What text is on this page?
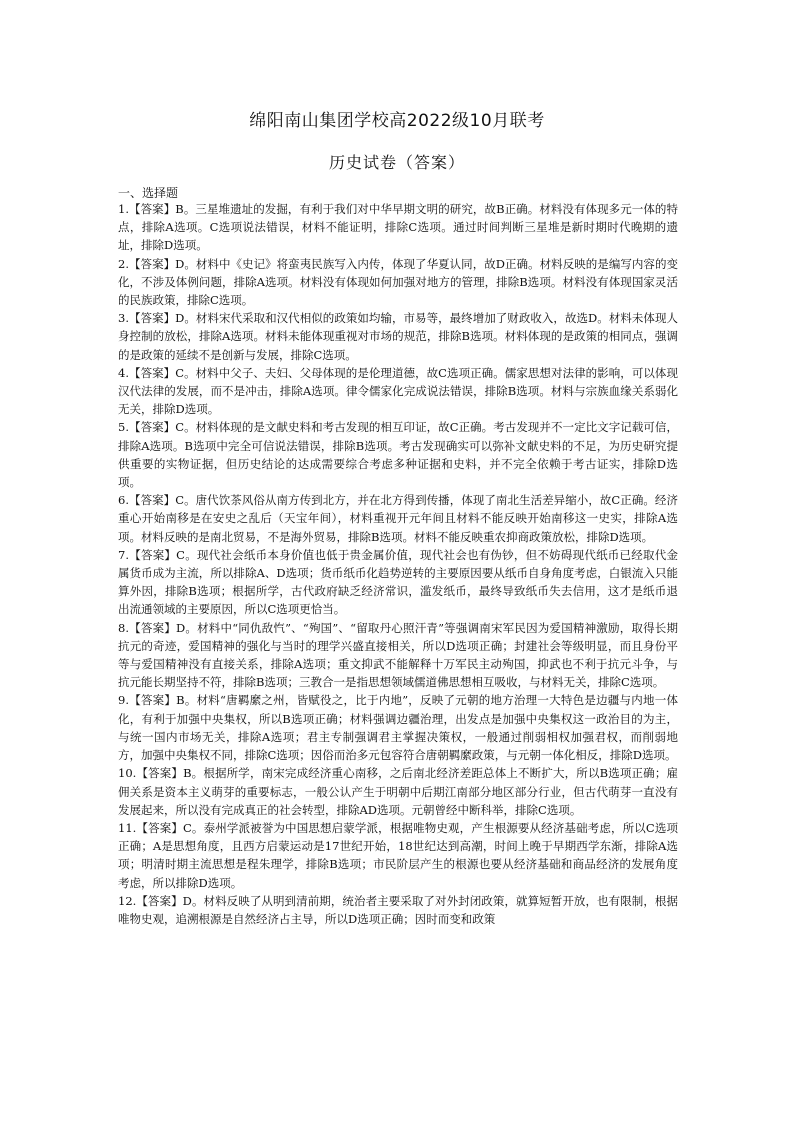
绵阳南山集团学校高2022级10月联考
历史试卷（答案）
一、选择题

1.【答案】B。三星堆遗址的发掘，有利于我们对中华早期文明的研究，故B正确。材料没有体现多元一体的特点，排除A选项。C选项说法错误，材料不能证明，排除C选项。通过时间判断三星堆是新时期时代晚期的遗址，排除D选项。

2.【答案】D。材料中《史记》将蛮夷民族写入内传，体现了华夏认同，故D正确。材料反映的是编写内容的变化，不涉及体例问题，排除A选项。材料没有体现如何加强对地方的管理，排除B选项。材料没有体现国家灵活的民族政策，排除C选项。

3.【答案】D。材料宋代采取和汉代相似的政策如均输，市易等，最终增加了财政收入，故选D。材料未体现人身控制的放松，排除A选项。材料未能体现重视对市场的规范，排除B选项。材料体现的是政策的相同点，强调的是政策的延续不是创新与发展，排除C选项。

4.【答案】C。材料中父子、夫妇、父母体现的是伦理道德，故C选项正确。儒家思想对法律的影响，可以体现汉代法律的发展，而不是冲击，排除A选项。律令儒家化完成说法错误，排除B选项。材料与宗族血缘关系弱化无关，排除D选项。

5.【答案】C。材料体现的是文献史料和考古发现的相互印证，故C正确。考古发现并不一定比文字记载可信，排除A选项。B选项中完全可信说法错误，排除B选项。考古发现确实可以弥补文献史料的不足，为历史研究提供重要的实物证据，但历史结论的达成需要综合考虑多种证据和史料，并不完全依赖于考古证实，排除D选项。

6.【答案】C。唐代饮茶风俗从南方传到北方，并在北方得到传播，体现了南北生活差异缩小，故C正确。经济重心开始南移是在安史之乱后（天宝年间），材料重视开元年间且材料不能反映开始南移这一史实，排除A选项。材料反映的是南北贸易，不是海外贸易，排除B选项。材料不能反映重农抑商政策放松，排除D选项。

7.【答案】C。现代社会纸币本身价值也低于贵金属价值，现代社会也有伪钞，但不妨碍现代纸币已经取代金属货币成为主流，所以排除A、D选项；货币纸币化趋势逆转的主要原因要从纸币自身角度考虑，白银流入只能算外因，排除B选项；根据所学，古代政府缺乏经济常识，滥发纸币，最终导致纸币失去信用，这才是纸币退出流通领域的主要原因，所以C选项更恰当。

8.【答案】D。材料中“同仇敌忾”、“殉国”、“留取丹心照汗青”等强调南宋军民因为爱国精神激励，取得长期抗元的奇迹，爱国精神的强化与当时的理学兴盛直接相关，所以D选项正确；封建社会等级明显，而且身份平等与爱国精神没有直接关系，排除A选项；重文抑武不能解释十万军民主动殉国，抑武也不利于抗元斗争，与抗元能长期坚持不符，排除B选项；三教合一是指思想领域儒道佛思想相互吸收，与材料无关，排除C选项。

9.【答案】B。材料“唐羁縻之州，皆赋役之，比于内地”，反映了元朝的地方治理一大特色是边疆与内地一体化，有利于加强中央集权，所以B选项正确；材料强调边疆治理，出发点是加强中央集权这一政治目的为主，与统一国内市场无关，排除A选项；君主专制强调君主掌握决策权，一般通过削弱相权加强君权，而削弱地方，加强中央集权不同，排除C选项；因俗而治多元包容符合唐朝羁縻政策，与元朝一体化相反，排除D选项。

10.【答案】B。根据所学，南宋完成经济重心南移，之后南北经济差距总体上不断扩大，所以B选项正确；雇佣关系是资本主义萌芽的重要标志，一般公认产生于明朝中后期江南部分地区部分行业，但古代萌芽一直没有发展起来，所以没有完成真正的社会转型，排除AD选项。元朝曾经中断科举，排除C选项。

11.【答案】C。泰州学派被誉为中国思想启蒙学派，根据唯物史观，产生根源要从经济基础考虑，所以C选项正确；A是思想角度，且西方启蒙运动是17世纪开始，18世纪达到高潮，时间上晚于早期西学东渐，排除A选项；明清时期主流思想是程朱理学，排除B选项；市民阶层产生的根源也要从经济基础和商品经济的发展角度考虑，所以排除D选项。

12.【答案】D。材料反映了从明到清前期，统治者主要采取了对外封闭政策，就算短暂开放，也有限制，根据唯物史观，追溯根源是自然经济占主导，所以D选项正确；因时而变和政策
